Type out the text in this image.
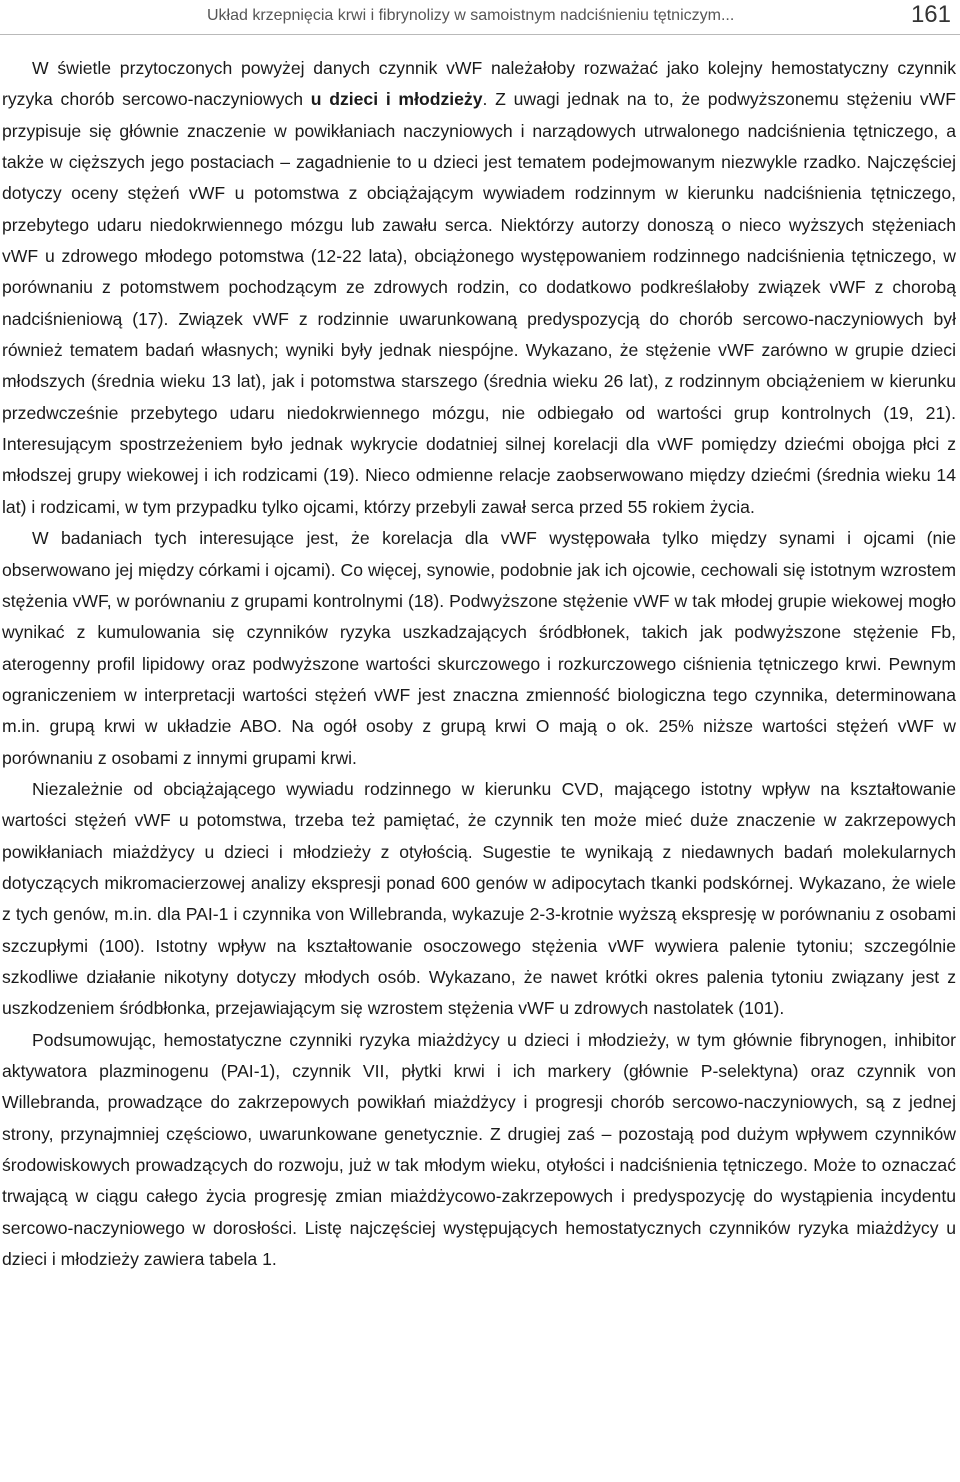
Układ krzepnięcia krwi i fibrynolizy w samoistnym nadciśnieniu tętniczym...	161

W świetle przytoczonych powyżej danych czynnik vWF należałoby rozważać jako kolejny hemostatyczny czynnik ryzyka chorób sercowo-naczyniowych u dzieci i młodzieży. Z uwagi jednak na to, że podwyższonemu stężeniu vWF przypisuje się głównie znaczenie w powikłaniach naczyniowych i narządowych utrwalonego nadciśnienia tętniczego, a także w cięższych jego postaciach – zagadnienie to u dzieci jest tematem podejmowanym niezwykle rzadko. Najczęściej dotyczy oceny stężeń vWF u potomstwa z obciążającym wywiadem rodzinnym w kierunku nadciśnienia tętniczego, przebytego udaru niedokrwiennego mózgu lub zawału serca. Niektórzy autorzy donoszą o nieco wyższych stężeniach vWF u zdrowego młodego potomstwa (12-22 lata), obciążonego występowaniem rodzinnego nadciśnienia tętniczego, w porównaniu z potomstwem pochodzącym ze zdrowych rodzin, co dodatkowo podkreślałoby związek vWF z chorobą nadciśnieniową (17). Związek vWF z rodzinnie uwarunkowaną predyspozycją do chorób sercowo-naczyniowych był również tematem badań własnych; wyniki były jednak niespójne. Wykazano, że stężenie vWF zarówno w grupie dzieci młodszych (średnia wieku 13 lat), jak i potomstwa starszego (średnia wieku 26 lat), z rodzinnym obciążeniem w kierunku przedwcześnie przebytego udaru niedokrwiennego mózgu, nie odbiegało od wartości grup kontrolnych (19, 21). Interesującym spostrzeżeniem było jednak wykrycie dodatniej silnej korelacji dla vWF pomiędzy dziećmi obojga płci z młodszej grupy wiekowej i ich rodzicami (19). Nieco odmienne relacje zaobserwowano między dziećmi (średnia wieku 14 lat) i rodzicami, w tym przypadku tylko ojcami, którzy przebyli zawał serca przed 55 rokiem życia.

W badaniach tych interesujące jest, że korelacja dla vWF występowała tylko między synami i ojcami (nie obserwowano jej między córkami i ojcami). Co więcej, synowie, podobnie jak ich ojcowie, cechowali się istotnym wzrostem stężenia vWF, w porównaniu z grupami kontrolnymi (18). Podwyższone stężenie vWF w tak młodej grupie wiekowej mogło wynikać z kumulowania się czynników ryzyka uszkadzających śródbłonek, takich jak podwyższone stężenie Fb, aterogenny profil lipidowy oraz podwyższone wartości skurczowego i rozkurczowego ciśnienia tętniczego krwi. Pewnym ograniczeniem w interpretacji wartości stężeń vWF jest znaczna zmienność biologiczna tego czynnika, determinowana m.in. grupą krwi w układzie ABO. Na ogół osoby z grupą krwi O mają o ok. 25% niższe wartości stężeń vWF w porównaniu z osobami z innymi grupami krwi.

Niezależnie od obciążającego wywiadu rodzinnego w kierunku CVD, mającego istotny wpływ na kształtowanie wartości stężeń vWF u potomstwa, trzeba też pamiętać, że czynnik ten może mieć duże znaczenie w zakrzepowych powikłaniach miażdżycy u dzieci i młodzieży z otyłością. Sugestie te wynikają z niedawnych badań molekularnych dotyczących mikromacierzowej analizy ekspresji ponad 600 genów w adipocytach tkanki podskórnej. Wykazano, że wiele z tych genów, m.in. dla PAI-1 i czynnika von Willebranda, wykazuje 2-3-krotnie wyższą ekspresję w porównaniu z osobami szczupłymi (100). Istotny wpływ na kształtowanie osoczowego stężenia vWF wywiera palenie tytoniu; szczególnie szkodliwe działanie nikotyny dotyczy młodych osób. Wykazano, że nawet krótki okres palenia tytoniu związany jest z uszkodzeniem śródbłonka, przejawiającym się wzrostem stężenia vWF u zdrowych nastolatek (101).

Podsumowując, hemostatyczne czynniki ryzyka miażdżycy u dzieci i młodzieży, w tym głównie fibrynogen, inhibitor aktywatora plazminogenu (PAI-1), czynnik VII, płytki krwi i ich markery (głównie P-selektyna) oraz czynnik von Willebranda, prowadzące do zakrzepowych powikłań miażdżycy i progresji chorób sercowo-naczyniowych, są z jednej strony, przynajmniej częściowo, uwarunkowane genetycznie. Z drugiej zaś – pozostają pod dużym wpływem czynników środowiskowych prowadzących do rozwoju, już w tak młodym wieku, otyłości i nadciśnienia tętniczego. Może to oznaczać trwającą w ciągu całego życia progresję zmian miażdżycowo-zakrzepowych i predyspozycję do wystąpienia incydentu sercowo-naczyniowego w dorosłości. Listę najczęściej występujących hemostatycznych czynników ryzyka miażdżycy u dzieci i młodzieży zawiera tabela 1.
